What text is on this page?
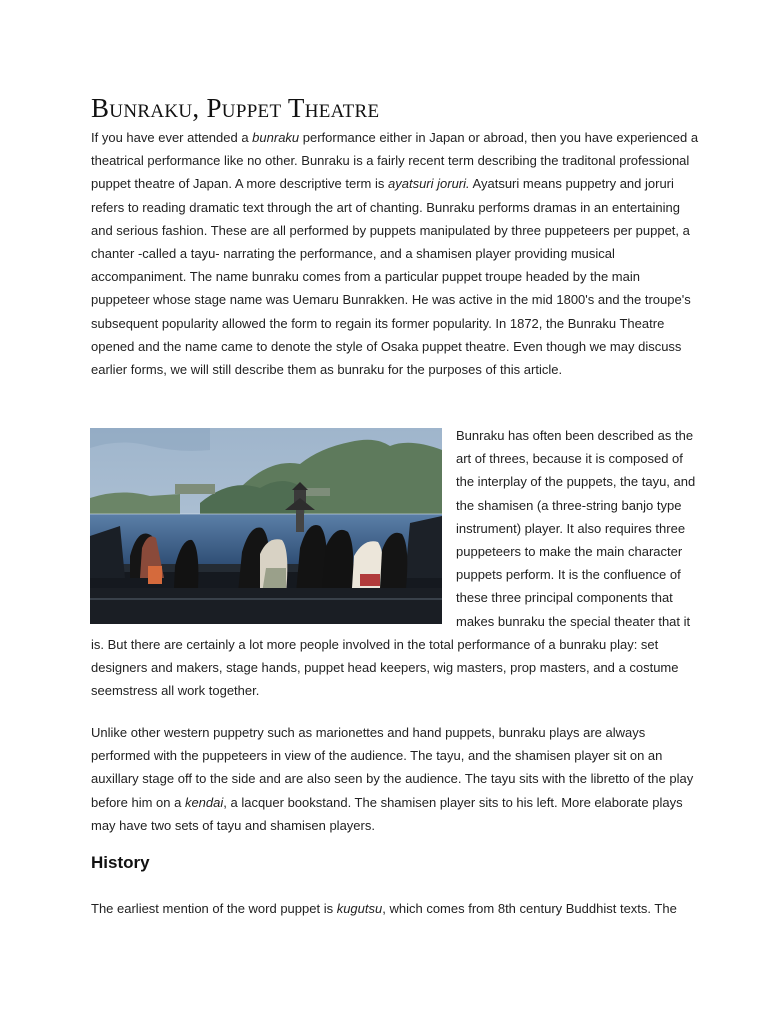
Bunraku, Puppet Theatre

If you have ever attended a bunraku performance either in Japan or abroad, then you have experienced a theatrical performance like no other. Bunraku is a fairly recent term describing the traditonal professional puppet theatre of Japan. A more descriptive term is ayatsuri joruri. Ayatsuri means puppetry and joruri refers to reading dramatic text through the art of chanting. Bunraku performs dramas in an entertaining and serious fashion. These are all performed by puppets manipulated by three puppeteers per puppet, a chanter -called a tayu- narrating the performance, and a shamisen player providing musical accompaniment. The name bunraku comes from a particular puppet troupe headed by the main puppeteer whose stage name was Uemaru Bunrakken. He was active in the mid 1800's and the troupe's subsequent popularity allowed the form to regain its former popularity. In 1872, the Bunraku Theatre opened and the name came to denote the style of Osaka puppet theatre. Even though we may discuss earlier forms, we will still describe them as bunraku for the purposes of this article.

Bunraku has often been described as the art of threes, because it is composed of the interplay of the puppets, the tayu, and the shamisen (a three-string banjo type instrument) player. It also requires three puppeteers to make the main character puppets perform. It is the confluence of these three principal components that makes bunraku the special theater that it is. But there are certainly a lot more people involved in the total performance of a bunraku play: set designers and makers, stage hands, puppet head keepers, wig masters, prop masters, and a costume seemstress all work together.

Unlike other western puppetry such as marionettes and hand puppets, bunraku plays are always performed with the puppeteers in view of the audience. The tayu, and the shamisen player sit on an auxillary stage off to the side and are also seen by the audience. The tayu sits with the libretto of the play before him on a kendai, a lacquer bookstand. The shamisen player sits to his left. More elaborate plays may have two sets of tayu and shamisen players.

History

The earliest mention of the word puppet is kugutsu, which comes from 8th century Buddhist texts. The
